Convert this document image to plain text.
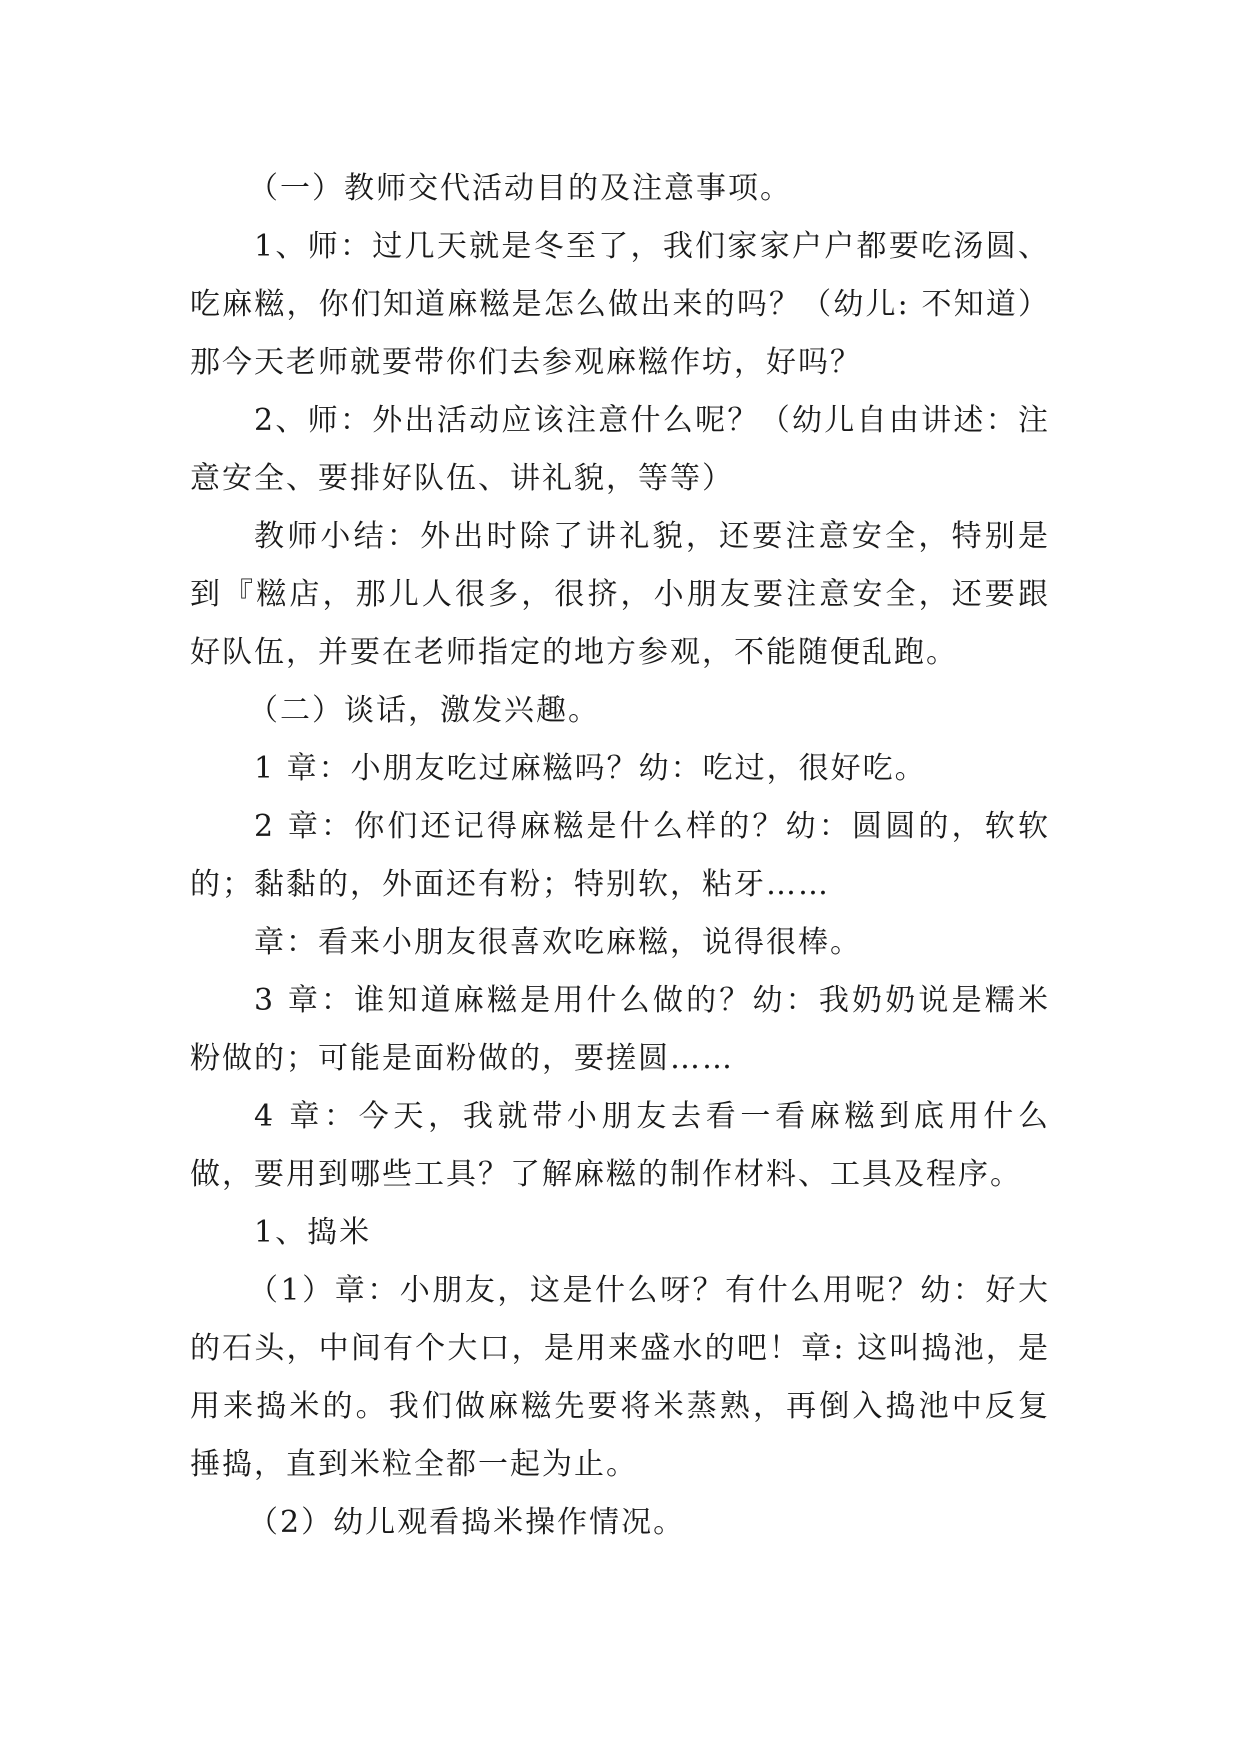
（一）教师交代活动目的及注意事项。

1、师：过几天就是冬至了，我们家家户户都要吃汤圆、吃麻糍，你们知道麻糍是怎么做出来的吗？（幼儿: 不知道）那今天老师就要带你们去参观麻糍作坊，好吗？

2、师：外出活动应该注意什么呢？（幼儿自由讲述：注意安全、要排好队伍、讲礼貌，等等）

教师小结：外出时除了讲礼貌，还要注意安全，特别是到『糍店，那儿人很多，很挤，小朋友要注意安全，还要跟好队伍，并要在老师指定的地方参观，不能随便乱跑。

（二）谈话，激发兴趣。

1 章：小朋友吃过麻糍吗？幼：吃过，很好吃。

2 章：你们还记得麻糍是什么样的？幼：圆圆的，软软的；黏黏的，外面还有粉；特别软，粘牙……

章：看来小朋友很喜欢吃麻糍，说得很棒。

3 章：谁知道麻糍是用什么做的？幼：我奶奶说是糯米粉做的；可能是面粉做的，要搓圆……

4 章：今天，我就带小朋友去看一看麻糍到底用什么做，要用到哪些工具？了解麻糍的制作材料、工具及程序。

1、捣米

（1）章：小朋友，这是什么呀？有什么用呢？幼：好大的石头，中间有个大口，是用来盛水的吧！章: 这叫捣池，是用来捣米的。我们做麻糍先要将米蒸熟，再倒入捣池中反复捶捣，直到米粒全都一起为止。

（2）幼儿观看捣米操作情况。
